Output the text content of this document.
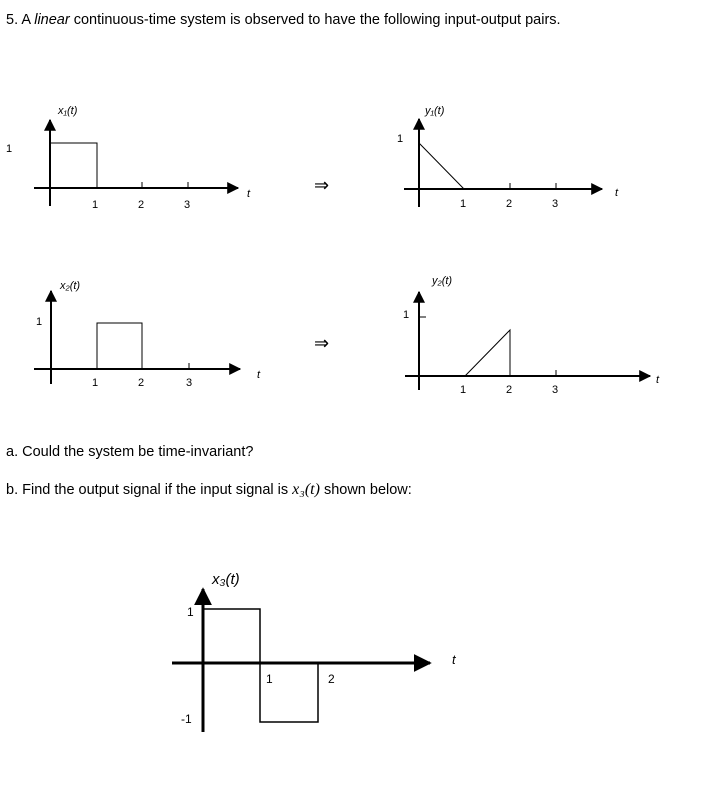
5. A linear continuous-time system is observed to have the following input-output pairs.
a. Could the system be time-invariant?
b. Find the output signal if the input signal is x₃(t) shown below:
x₁(t)
1
1	2	3
t	⇒
y₁(t)
1
1	2	3
t
x₂(t)
1
1	2	3
t
⇒
y₂(t)
1
1	2	3
t
x₃(t)
1
-1
1	2
t
